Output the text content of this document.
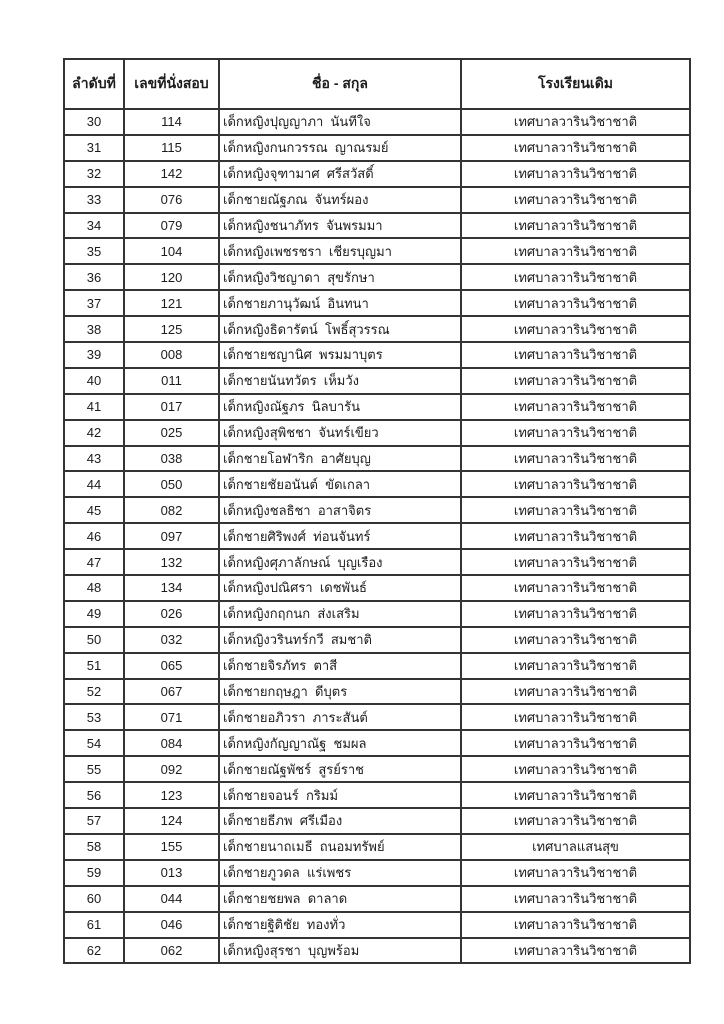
ลำดับที่	เลขที่นั่งสอบ	ชื่อ - สกุล	โรงเรียนเดิม
30	114	เด็กหญิงปุญญาภา  นันทีใจ	เทศบาลวารินวิชาชาติ
31	115	เด็กหญิงกนกวรรณ  ญาณรมย์	เทศบาลวารินวิชาชาติ
32	142	เด็กหญิงจุฑามาศ  ศรีสวัสดิ์	เทศบาลวารินวิชาชาติ
33	076	เด็กชายณัฐภณ  จันทร์ผอง	เทศบาลวารินวิชาชาติ
34	079	เด็กหญิงชนาภัทร  จันพรมมา	เทศบาลวารินวิชาชาติ
35	104	เด็กหญิงเพชรชรา  เชียรบุญมา	เทศบาลวารินวิชาชาติ
36	120	เด็กหญิงวิชญาดา  สุขรักษา	เทศบาลวารินวิชาชาติ
37	121	เด็กชายภานุวัฒน์  อินทนา	เทศบาลวารินวิชาชาติ
38	125	เด็กหญิงธิดารัตน์  โพธิ์สุวรรณ	เทศบาลวารินวิชาชาติ
39	008	เด็กชายชญานิศ  พรมมาบุตร	เทศบาลวารินวิชาชาติ
40	011	เด็กชายนันทวัตร  เห็มวัง	เทศบาลวารินวิชาชาติ
41	017	เด็กหญิงณัฐภร  นิลบารัน	เทศบาลวารินวิชาชาติ
42	025	เด็กหญิงสุพิชชา  จันทร์เขียว	เทศบาลวารินวิชาชาติ
43	038	เด็กชายโอฬาริก  อาศัยบุญ	เทศบาลวารินวิชาชาติ
44	050	เด็กชายชัยอนันต์  ขัดเกลา	เทศบาลวารินวิชาชาติ
45	082	เด็กหญิงชลธิชา  อาสาจิตร	เทศบาลวารินวิชาชาติ
46	097	เด็กชายศิริพงศ์  ท่อนจันทร์	เทศบาลวารินวิชาชาติ
47	132	เด็กหญิงศุภาลักษณ์  บุญเรือง	เทศบาลวารินวิชาชาติ
48	134	เด็กหญิงปณิศรา  เดชพันธ์	เทศบาลวารินวิชาชาติ
49	026	เด็กหญิงกฤกนก  ส่งเสริม	เทศบาลวารินวิชาชาติ
50	032	เด็กหญิงวรินทร์กวี  สมชาติ	เทศบาลวารินวิชาชาติ
51	065	เด็กชายจิรภัทร  ตาสี	เทศบาลวารินวิชาชาติ
52	067	เด็กชายกฤษฎา  ดีบุตร	เทศบาลวารินวิชาชาติ
53	071	เด็กชายอภิวรา  ภาระสันต์	เทศบาลวารินวิชาชาติ
54	084	เด็กหญิงกัญญาณัฐ  ชมผล	เทศบาลวารินวิชาชาติ
55	092	เด็กชายณัฐพัชร์  สูรย์ราช	เทศบาลวารินวิชาชาติ
56	123	เด็กชายจอนร์  กริมม์	เทศบาลวารินวิชาชาติ
57	124	เด็กชายธีภพ  ศรีเมือง	เทศบาลวารินวิชาชาติ
58	155	เด็กชายนาถเมธี  ถนอมทรัพย์	เทศบาลแสนสุข
59	013	เด็กชายภูวดล  แร่เพชร	เทศบาลวารินวิชาชาติ
60	044	เด็กชายชยพล  ดาลาด	เทศบาลวารินวิชาชาติ
61	046	เด็กชายฐิติชัย  ทองทั่ว	เทศบาลวารินวิชาชาติ
62	062	เด็กหญิงสุรชา  บุญพร้อม	เทศบาลวารินวิชาชาติ
